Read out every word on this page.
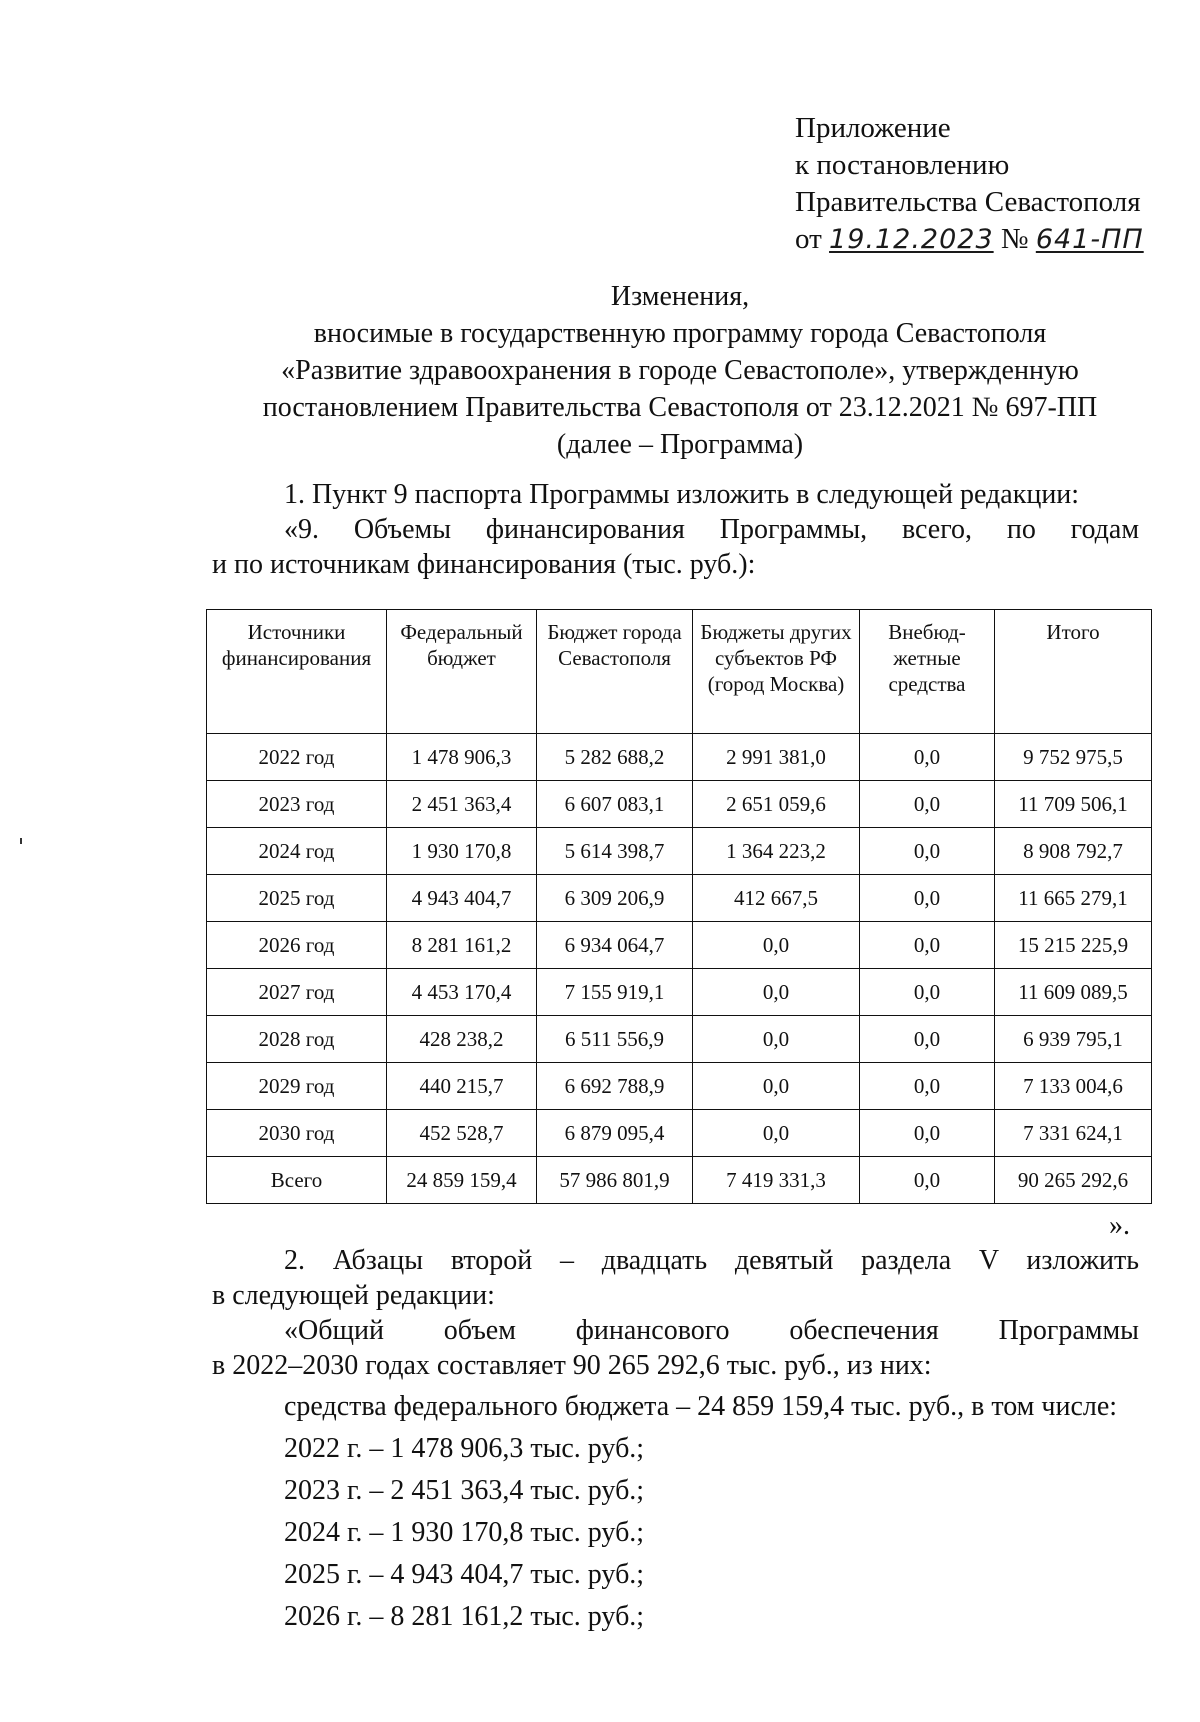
Приложение
к постановлению
Правительства Севастополя
от 19.12.2023 № 641-ПП
Изменения,
вносимые в государственную программу города Севастополя
«Развитие здравоохранения в городе Севастополе», утвержденную
постановлением Правительства Севастополя от 23.12.2021 № 697-ПП
(далее – Программа)
1. Пункт 9 паспорта Программы изложить в следующей редакции:
«9. Объемы финансирования Программы, всего, по годам
и по источникам финансирования (тыс. руб.):
Источники финансирования	Федеральный бюджет	Бюджет города Севастополя	Бюджеты других субъектов РФ (город Москва)	Внебюд- жетные средства	Итого
2022 год	1 478 906,3	5 282 688,2	2 991 381,0	0,0	9 752 975,5
2023 год	2 451 363,4	6 607 083,1	2 651 059,6	0,0	11 709 506,1
2024 год	1 930 170,8	5 614 398,7	1 364 223,2	0,0	8 908 792,7
2025 год	4 943 404,7	6 309 206,9	412 667,5	0,0	11 665 279,1
2026 год	8 281 161,2	6 934 064,7	0,0	0,0	15 215 225,9
2027 год	4 453 170,4	7 155 919,1	0,0	0,0	11 609 089,5
2028 год	428 238,2	6 511 556,9	0,0	0,0	6 939 795,1
2029 год	440 215,7	6 692 788,9	0,0	0,0	7 133 004,6
2030 год	452 528,7	6 879 095,4	0,0	0,0	7 331 624,1
Всего	24 859 159,4	57 986 801,9	7 419 331,3	0,0	90 265 292,6
».
2. Абзацы второй – двадцать девятый раздела V изложить
в следующей редакции:
«Общий объем финансового обеспечения Программы
в 2022–2030 годах составляет 90 265 292,6 тыс. руб., из них:
средства федерального бюджета – 24 859 159,4 тыс. руб., в том числе:
2022 г. – 1 478 906,3 тыс. руб.;
2023 г. – 2 451 363,4 тыс. руб.;
2024 г. – 1 930 170,8 тыс. руб.;
2025 г. – 4 943 404,7 тыс. руб.;
2026 г. – 8 281 161,2 тыс. руб.;
